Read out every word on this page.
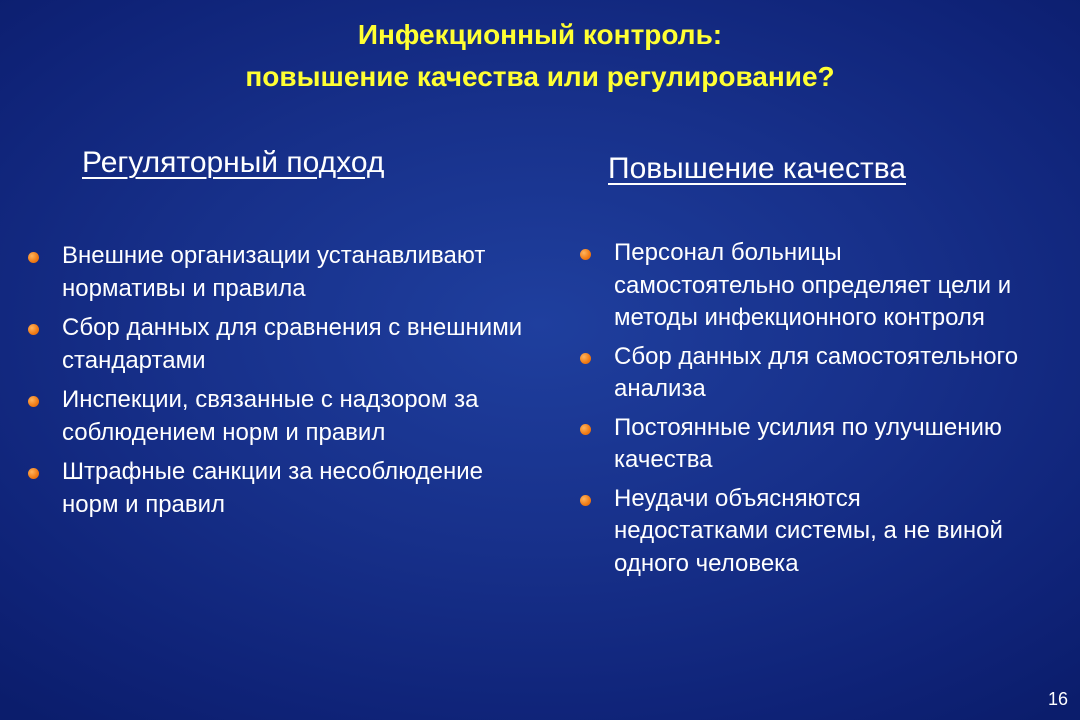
Инфекционный контроль:
повышение качества или регулирование?
Регуляторный подход	Повышение качества
Внешние организации устанавливают нормативы и правила
Сбор данных для сравнения с внешними стандартами
Инспекции, связанные с надзором за соблюдением норм и правил
Штрафные санкции за несоблюдение норм и правил
Персонал больницы самостоятельно определяет цели и методы инфекционного контроля
Сбор данных для самостоятельного анализа
Постоянные усилия по улучшению качества
Неудачи объясняются недостатками системы, а не виной одного человека
16
